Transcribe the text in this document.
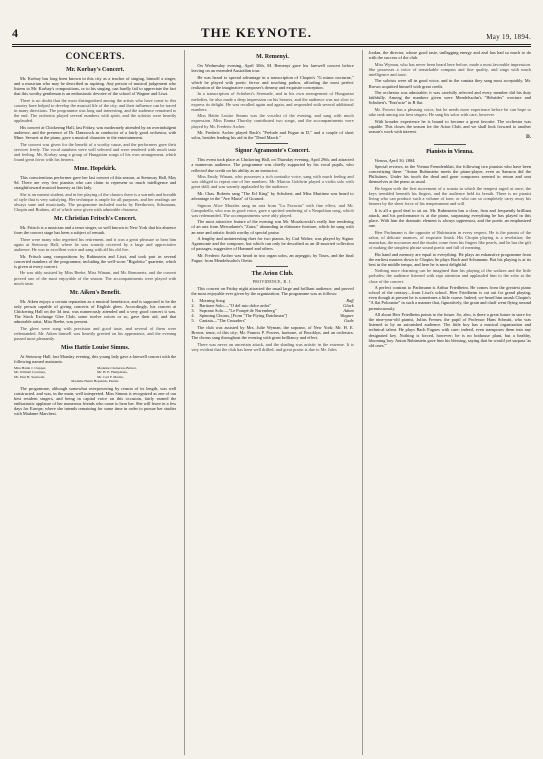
4	THE KEYNOTE.	May 19, 1894.
CONCERTS.
Mr. Korbay's Concert.

Mr. Korbay has long been known in this city as a teacher of singing, himself a singer, and a musician who may be described as aspiring. Any person of musical judgement who listens to Mr. Korbay's compositions, or to his singing, can hardly fail to appreciate the fact that this worthy gentleman is an enthusiastic devotee of the school of Wagner and Liszt.

There is no doubt that the most distinguished among the artists who have come to this country have helped to develop the musical life of the city, and their influence can be traced in many directions. The programme was long and interesting, and the audience remained to the end. The orchestra played several numbers with spirit, and the soloists were heartily applauded.

His concert at Chickering Hall, last Friday, was moderately attended by an overindulgent audience, and the presence of Dr. Damrosch as conductor of a fairly good orchestra, with Mme. Sevaret at the piano, gave a musical character to the entertainment.

The concert was given for the benefit of a worthy cause, and the performers gave their services freely. The vocal numbers were well selected and were rendered with much taste and feeling. Mr. Korbay sang a group of Hungarian songs of his own arrangement, which found great favor with his hearers.

Mme. Hopekirk.

This conscientious performer gave her last concert of this season, at Steinway Hall, May 9d. There are very few pianists who can claim to represent so much intelligence and straightforward musical honesty as this lady.

She is an earnest student, and in her playing of the classics there is a warmth and breadth of style that is very satisfying. Her technique is ample for all purposes, and her readings are always sane and musicianly. The programme included works by Beethoven, Schumann, Chopin and Brahms, all of which were given with admirable clearness.

Mr. Christian Fritsch's Concert.

Mr. Fritsch is a musician and a tenor singer, so well known to New York that his absence from the concert stage has been a subject of remark.

There were many who regretted his retirement, and it was a great pleasure to hear him again at Steinway Hall, where he was warmly received by a large and appreciative audience. He was in excellent voice and sang with all his old fire.

Mr. Fritsch sang compositions by Rubinstein and Liszt, and took part in several concerted numbers of the programme, including the well-worn "Rigoletto" quartette, which is given at every concert.

He was ably assisted by Miss Beebe, Miss Winant, and Mr. Remmertz, and the concert proved one of the most enjoyable of the season. The accompaniments were played with much taste.

Mr. Aiken's Benefit.

Mr. Aiken enjoys a certain reputation as a musical benefactor, and is supposed to be the only person capable of giving concerts of English glees. Accordingly, his concert at Chickering Hall on the 3d inst. was numerously attended and a very good concert it was. The Stock Exchange Glee Club, some twelve voices or so, gave their aid, and that admirable artist, Miss Beebe, was present.

The glees were sung with precision and good taste, and several of them were redemanded. Mr. Aiken himself was heartily greeted on his appearance, and the evening passed most pleasantly.

Miss Hattie Louise Simms.

At Steinway Hall, last Monday evening, this young lady gave a farewell concert with the following named assistants:

Miss Hattie J. Clapper,	Madame Chatterton-Bohrer,
Mr. William Courtney,	Mr. H. E. Humphries,
Mr. Paul H. Steelwell,	Mr. Carl F. Martin,
Madame Helen Hopekirk, Pianist.

The programme, although somewhat overpowering by reason of its length, was well constructed, and was, in the main, well interpreted. Miss Simms is recognized as one of our best resident singers, and being in capital voice on this occasion, fairly earned the enthusiastic applause of her numerous friends who came to hear her. She will leave in a few days for Europe, where she intends remaining for some time in order to pursue her studies with Madame Marchesi.

M. Remenyi.

On Wednesday evening, April 30th, M. Remenyi gave his farewell concert before leaving on an extended Australian tour.

He was heard to special advantage in a transcription of Chopin's "G minor nocturne," which he played with poetic fervor and touching pathos, affording the most perfect realization of the imaginative composer's dreamy and exquisite conception.

In a transcription of Schubert's Serenade, and in his own arrangement of Hungarian melodies, he also made a deep impression on his hearers, and the audience was not slow to express its delight. He was recalled again and again, and responded with several additional numbers.

Miss Hattie Louise Simms was the vocalist of the evening, and sang with much expression. Miss Emma Thursby contributed two songs, and the accompaniments were played by Mr. Frederic Archer.

Mr. Frederic Archer played Bach's "Prelude and Fugue in D," and a couple of short solos, besides lending his aid in the "Dead March."

Signor Agramonte's Concert.

This event took place at Chickering Hall, on Thursday evening, April 29th, and attracted a numerous audience. The programme was chiefly supported by his vocal pupils, who reflected due credit on his ability as an instructor.

Miss Emily Winant, who possesses a rich contralto voice, sang with much feeling and was obliged to repeat one of her numbers. Mr. Marcus Goldwin played a violin solo with great skill, and was warmly applauded by the audience.

Mr. Chas. Roberts sang "The Erl King" by Schubert, and Miss Martinez was heard to advantage in the "Ave Maria" of Gounod.

Signora Alice Morales sang an aria from "La Favorita" with fine effect, and Mr. Campobello, who was in good voice, gave a spirited rendering of a Neapolitan song, which was redemanded. The accompaniments were ably played.

The most attractive feature of the evening was Mr. Moszkowski's really fine rendering of an aria from Mercadante's "Zaira," abounding in elaborate fioriture, which he sang with an ease and artistic finish worthy of special praise.

A lengthy and uninteresting duet for two pianos, by Carl Walter, was played by Signor Agramonte and the composer, but which can only be described as an ill-assorted collection of passages, suggestive of Hummel and others.

Mr. Frederic Archer was heard in two organ solos, an arpeggio, by Tours, and the final Fugue, from Mendelssohn's Otetto.

The Arion Club.
PROVIDENCE, R. I.

This concert on Friday night attracted the usual large and brilliant audience, and proved the most enjoyable ever given by the organization. The programme was as follows:

1.	Morning Song	Raff
2.	Baritone Solo.—"O del mio dolce ardor"	Gluck
3.	Soprano Solo.—"Le Pourpé de Nuremberg"	Adam
4.	Spinning Chorus, [From "The Flying Dutchman"]	Wagner
5.	Cantata—"The Crusaders"	Gade

The club was assisted by Mrs. Julie Wyman, the soprano, of New York; Mr. H. E. Brown, tenor, of this city; Mr. Francis P. Powers, baritone, of Brooklyn, and an orchestra. The chorus sang throughout the evening with great brilliancy and effect.

There was never an uncertain attack, and the shading was artistic in the extreme. It is very evident that the club has been well drilled, and great praise is due to Mr. Jules

Jordan, the director, whose good taste, unflagging energy and zeal has had so much to do with the success of the club.

Miss Wyman, who has never been heard here before, made a most favorable impression. She possesses a voice of remarkable compass and fine quality, and sings with much intelligence and taste.

The soloists were all in good voice, and in the cantata they sang most acceptably. Mr. Brown acquitted himself with great credit.

The orchestra was admirable; it was carefully selected and every member did his duty faithfully. Among the numbers given were Mendelssohn's "Hebrides" overture and Schubert's "Entr'acte" in B flat.

Mr. Powers has a pleasing voice, but he needs more experience before he can hope to take rank among our best singers. He sang his solos with care, however.

With broader experience he is bound to become a great favorite. The orchestra was capable. This closes the season for the Arion Club, and we shall look forward to another season's work with interest.

D.
Pianists in Vienna.

Vienna, April 30, 1884.

Special reviews, in the Vienna Fremdenblatt, the following two pianists who have been concertizing there: "Anton Rubinstein meets the piano-player, even as Samson did the Philistines. Under his touch the dead and gone composers seemed to return and seat themselves at the piano as usual.

He began with the first movement of a sonata in which the tempest raged at once; the keys trembled beneath his fingers, and the audience held its breath. There is no pianist living who can produce such a volume of tone, or who can so completely carry away his hearers by the sheer force of his temperament and will.

It is all a good deal to sit on. Mr. Rubinstein has a clear, firm and frequently brilliant attack, and his performance is at the piano, surpassing everything he has played in this place. With him the dramatic element is always uppermost, and the poetic an emphasized one.

Herr Pachmann is the opposite of Rubinstein in every respect. He is the pianist of the salon, of delicate nuances, of exquisite finish. His Chopin playing is a revelation; the mazurkas, the nocturnes and the etudes come from his fingers like pearls, and he has the gift of making the simplest phrase sound poetic and full of meaning.

His hand and memory are equal to everything. He plays an exhaustive programme from the earliest masters down to Chopin; he plays Bach and Schumann. But his playing is at its best in the middle tempo, and here he is most delightful.

Nothing more charming can be imagined than his playing of the waltzes and the little preludes; the audience listened with rapt attention and applauded him to the echo at the close of the concert.

A perfect contrast to Pachmann is Arthur Friedheim. He comes from the greatest piano school of the century—from Liszt's school. Herr Friedheim is cut out for grand playing, even though at present he is sometimes a little coarse. Indeed, we heard him smash Chopin's "A flat Polonaise" in such a manner that, figuratively, the grain and chaff went flying around promiscuously.

All about Herr Friedheim points to the future. So, also, is there a great future in store for the nine-year-old pianist, Julius Fremer, the pupil of Professor Hans Schmitt, who was listened to by an astonished audience. The little boy has a musical organization and technical talent. He plays Bach Fugues with care; indeed, even transposes them into any designated key. Nothing is forced, however; he is no hothouse plant, but a healthy, blooming boy. Anton Rubinstein gave him his blessing, saying that he would yet surpass 'as old ones.'"
